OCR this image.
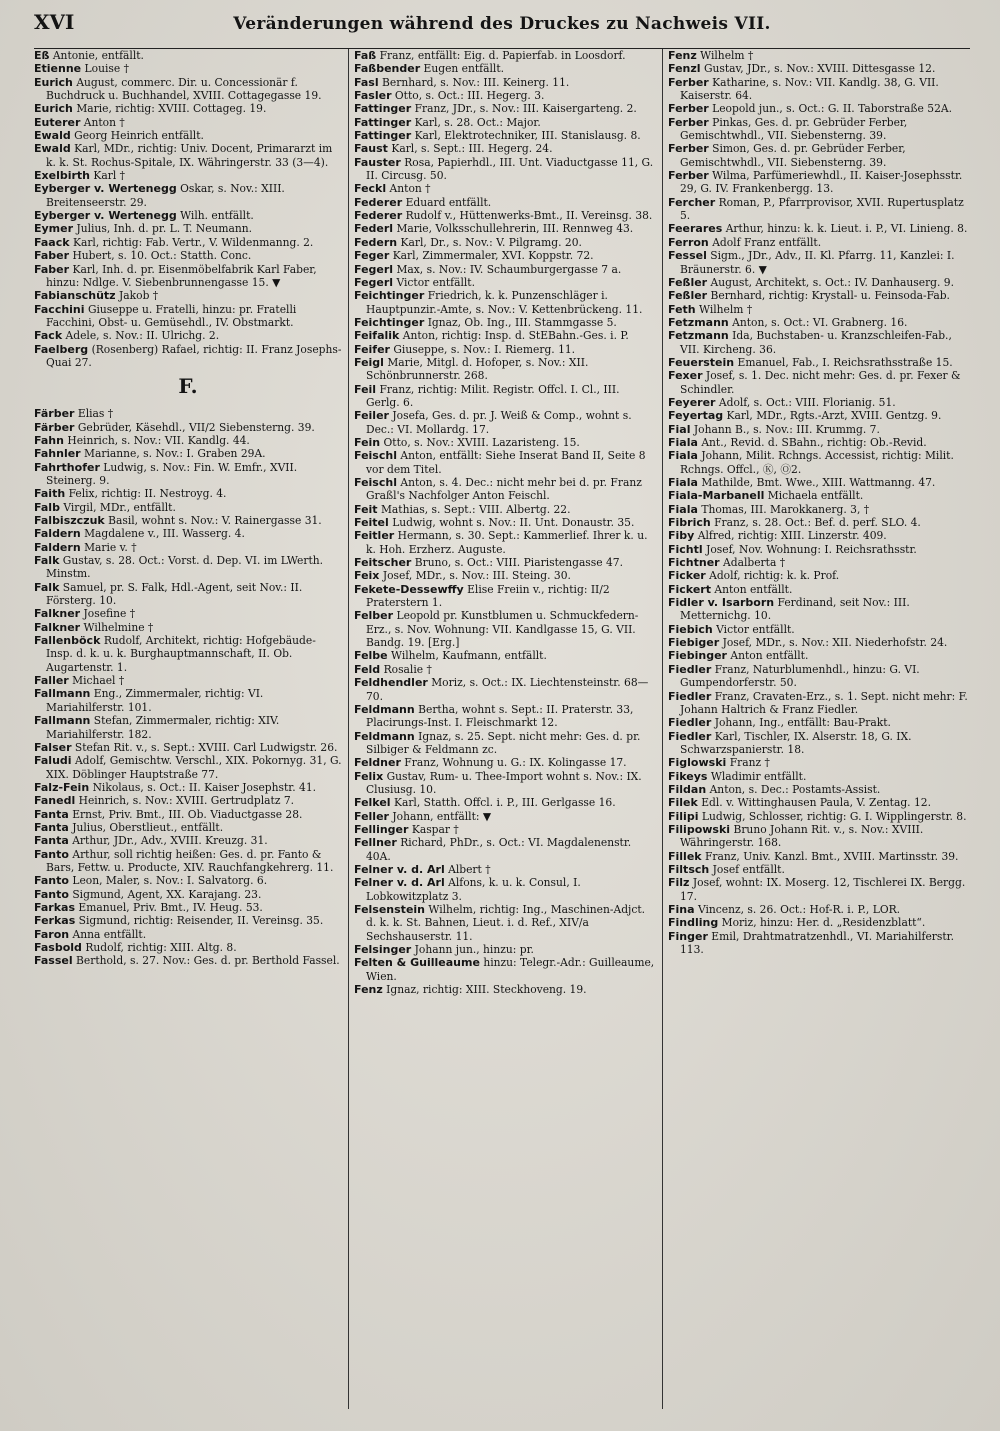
XVI	Veränderungen während des Druckes zu Nachweis VII.
Eß Antonie, entfällt.
Etienne Louise †
Eurich August, commerc. Dir. u. Concessionär f. Buchdruck u. Buchhandel, XVIII. Cottagegasse 19.
Eurich Marie, richtig: XVIII. Cottageg. 19.
Euterer Anton †
Ewald Georg Heinrich entfällt.
Ewald Karl, MDr., richtig: Univ. Docent, Primararzt im k. k. St. Rochus-Spitale, IX. Währingerstr. 33 (3—4).
Exelbirth Karl †
Eyberger v. Wertenegg Oskar, s. Nov.: XIII. Breitenseerstr. 29.
Eyberger v. Wertenegg Wilh. entfällt.
Eymer Julius, Inh. d. pr. L. T. Neumann.
Faack Karl, richtig: Fab. Vertr., V. Wildenmanng. 2.
Faber Hubert, s. 10. Oct.: Statth. Conc.
Faber Karl, Inh. d. pr. Eisenmöbelfabrik Karl Faber, hinzu: Ndlge. V. Siebenbrunnengasse 15. ▼
Fabianschütz Jakob †
Facchini Giuseppe u. Fratelli, hinzu: pr. Fratelli Facchini, Obst- u. Gemüsehdl., IV. Obstmarkt.
Fack Adele, s. Nov.: II. Ulrichg. 2.
Faelberg (Rosenberg) Rafael, richtig: II. Franz Josephs-Quai 27.
F.
Färber Elias †
Färber Gebrüder, Käsehdl., VII/2 Siebensterng. 39.
Fahn Heinrich, s. Nov.: VII. Kandlg. 44.
Fahnler Marianne, s. Nov.: I. Graben 29A.
Fahrthofer Ludwig, s. Nov.: Fin. W. Emfr., XVII. Steinerg. 9.
Faith Felix, richtig: II. Nestroyg. 4.
Falb Virgil, MDr., entfällt.
Falbiszczuk Basil, wohnt s. Nov.: V. Rainergasse 31.
Faldern Magdalene v., III. Wasserg. 4.
Faldern Marie v. †
Falk Gustav, s. 28. Oct.: Vorst. d. Dep. VI. im LWerth. Minstm.
Falk Samuel, pr. S. Falk, Hdl.-Agent, seit Nov.: II. Försterg. 10.
Falkner Josefine †
Falkner Wilhelmine †
Fallenböck Rudolf, Architekt, richtig: Hofgebäude-Insp. d. k. u. k. Burghauptmannschaft, II. Ob. Augartenstr. 1.
Faller Michael †
Fallmann Eng., Zimmermaler, richtig: VI. Mariahilferstr. 101.
Fallmann Stefan, Zimmermaler, richtig: XIV. Mariahilferstr. 182.
Falser Stefan Rit. v., s. Sept.: XVIII. Carl Ludwigstr. 26.
Faludi Adolf, Gemischtw. Verschl., XIX. Pokornyg. 31, G. XIX. Döblinger Hauptstraße 77.
Falz-Fein Nikolaus, s. Oct.: II. Kaiser Josephstr. 41.
Fanedl Heinrich, s. Nov.: XVIII. Gertrudplatz 7.
Fanta Ernst, Priv. Bmt., III. Ob. Viaductgasse 28.
Fanta Julius, Oberstlieut., entfällt.
Fanta Arthur, JDr., Adv., XVIII. Kreuzg. 31.
Fanto Arthur, soll richtig heißen: Ges. d. pr. Fanto & Bars, Fettw. u. Producte, XIV. Rauchfangkehrerg. 11.
Fanto Leon, Maler, s. Nov.: I. Salvatorg. 6.
Fanto Sigmund, Agent, XX. Karajang. 23.
Farkas Emanuel, Priv. Bmt., IV. Heug. 53.
Ferkas Sigmund, richtig: Reisender, II. Vereinsg. 35.
Faron Anna entfällt.
Fasbold Rudolf, richtig: XIII. Altg. 8.
Fassel Berthold, s. 27. Nov.: Ges. d. pr. Berthold Fassel.
Faß Franz, entfällt: Eig. d. Papierfab. in Loosdorf.
Faßbender Eugen entfällt.
Fasl Bernhard, s. Nov.: III. Keinerg. 11.
Fasler Otto, s. Oct.: III. Hegerg. 3.
Fattinger Franz, JDr., s. Nov.: III. Kaisergarteng. 2.
Fattinger Karl, s. 28. Oct.: Major.
Fattinger Karl, Elektrotechniker, III. Stanislausg. 8.
Faust Karl, s. Sept.: III. Hegerg. 24.
Fauster Rosa, Papierhdl., III. Unt. Viaductgasse 11, G. II. Circusg. 50.
Feckl Anton †
Federer Eduard entfällt.
Federer Rudolf v., Hüttenwerks-Bmt., II. Vereinsg. 38.
Federl Marie, Volksschullehrerin, III. Rennweg 43.
Federn Karl, Dr., s. Nov.: V. Pilgramg. 20.
Feger Karl, Zimmermaler, XVI. Koppstr. 72.
Fegerl Max, s. Nov.: IV. Schaumburgergasse 7 a.
Fegerl Victor entfällt.
Feichtinger Friedrich, k. k. Punzenschläger i. Hauptpunzir.-Amte, s. Nov.: V. Kettenbrückeng. 11.
Feichtinger Ignaz, Ob. Ing., III. Stammgasse 5.
Feifalik Anton, richtig: Insp. d. StEBahn.-Ges. i. P.
Feifer Giuseppe, s. Nov.: I. Riemerg. 11.
Feigl Marie, Mitgl. d. Hofoper, s. Nov.: XII. Schönbrunnerstr. 268.
Feil Franz, richtig: Milit. Registr. Offcl. I. Cl., III. Gerlg. 6.
Feiler Josefa, Ges. d. pr. J. Weiß & Comp., wohnt s. Dec.: VI. Mollardg. 17.
Fein Otto, s. Nov.: XVIII. Lazaristeng. 15.
Feischl Anton, entfällt: Siehe Inserat Band II, Seite 8 vor dem Titel.
Feischl Anton, s. 4. Dec.: nicht mehr bei d. pr. Franz Graßl's Nachfolger Anton Feischl.
Feit Mathias, s. Sept.: VIII. Albertg. 22.
Feitel Ludwig, wohnt s. Nov.: II. Unt. Donaustr. 35.
Feitler Hermann, s. 30. Sept.: Kammerlief. Ihrer k. u. k. Hoh. Erzherz. Auguste.
Feitscher Bruno, s. Oct.: VIII. Piaristengasse 47.
Feix Josef, MDr., s. Nov.: III. Steing. 30.
Fekete-Dessewffy Elise Freiin v., richtig: II/2 Praterstern 1.
Felber Leopold pr. Kunstblumen u. Schmuckfedern-Erz., s. Nov. Wohnung: VII. Kandlgasse 15, G. VII. Bandg. 19. [Erg.]
Felbe Wilhelm, Kaufmann, entfällt.
Feld Rosalie †
Feldhendler Moriz, s. Oct.: IX. Liechtensteinstr. 68—70.
Feldmann Bertha, wohnt s. Sept.: II. Praterstr. 33, Placirungs-Inst. I. Fleischmarkt 12.
Feldmann Ignaz, s. 25. Sept. nicht mehr: Ges. d. pr. Silbiger & Feldmann zc.
Feldner Franz, Wohnung u. G.: IX. Kolingasse 17.
Felix Gustav, Rum- u. Thee-Import wohnt s. Nov.: IX. Clusiusg. 10.
Felkel Karl, Statth. Offcl. i. P., III. Gerlgasse 16.
Feller Johann, entfällt: ▼
Fellinger Kaspar †
Fellner Richard, PhDr., s. Oct.: VI. Magdalenenstr. 40A.
Felner v. d. Arl Albert †
Felner v. d. Arl Alfons, k. u. k. Consul, I. Lobkowitzplatz 3.
Felsenstein Wilhelm, richtig: Ing., Maschinen-Adjct. d. k. k. St. Bahnen, Lieut. i. d. Ref., XIV/a Sechshauserstr. 11.
Felsinger Johann jun., hinzu: pr.
Felten & Guilleaume hinzu: Telegr.-Adr.: Guilleaume, Wien.
Fenz Ignaz, richtig: XIII. Steckhoveng. 19.
Fenz Wilhelm †
Fenzl Gustav, JDr., s. Nov.: XVIII. Dittesgasse 12.
Ferber Katharine, s. Nov.: VII. Kandlg. 38, G. VII. Kaiserstr. 64.
Ferber Leopold jun., s. Oct.: G. II. Taborstraße 52A.
Ferber Pinkas, Ges. d. pr. Gebrüder Ferber, Gemischtwhdl., VII. Siebensterng. 39.
Ferber Simon, Ges. d. pr. Gebrüder Ferber, Gemischtwhdl., VII. Siebensterng. 39.
Ferber Wilma, Parfümeriewhdl., II. Kaiser-Josephsstr. 29, G. IV. Frankenbergg. 13.
Fercher Roman, P., Pfarrprovisor, XVII. Rupertusplatz 5.
Feerares Arthur, hinzu: k. k. Lieut. i. P., VI. Linieng. 8.
Ferron Adolf Franz entfällt.
Fessel Sigm., JDr., Adv., II. Kl. Pfarrg. 11, Kanzlei: I. Bräunerstr. 6. ▼
Feßler August, Architekt, s. Oct.: IV. Danhauserg. 9.
Feßler Bernhard, richtig: Krystall- u. Feinsoda-Fab.
Feth Wilhelm †
Fetzmann Anton, s. Oct.: VI. Grabnerg. 16.
Fetzmann Ida, Buchstaben- u. Kranzschleifen-Fab., VII. Kircheng. 36.
Feuerstein Emanuel, Fab., I. Reichsrathsstraße 15.
Fexer Josef, s. 1. Dec. nicht mehr: Ges. d. pr. Fexer & Schindler.
Feyerer Adolf, s. Oct.: VIII. Florianig. 51.
Feyertag Karl, MDr., Rgts.-Arzt, XVIII. Gentzg. 9.
Fial Johann B., s. Nov.: III. Krummg. 7.
Fiala Ant., Revid. d. SBahn., richtig: Ob.-Revid.
Fiala Johann, Milit. Rchngs. Accessist, richtig: Milit. Rchngs. Offcl., Ⓚ, Ⓞ2.
Fiala Mathilde, Bmt. Wwe., XIII. Wattmanng. 47.
Fiala-Marbanell Michaela entfällt.
Fiala Thomas, III. Marokkanerg. 3, †
Fibrich Franz, s. 28. Oct.: Bef. d. perf. SLO. 4.
Fiby Alfred, richtig: XIII. Linzerstr. 409.
Fichtl Josef, Nov. Wohnung: I. Reichsrathsstr.
Fichtner Adalberta †
Ficker Adolf, richtig: k. k. Prof.
Fickert Anton entfällt.
Fidler v. Isarborn Ferdinand, seit Nov.: III. Metternichg. 10.
Fiebich Victor entfällt.
Fiebiger Josef, MDr., s. Nov.: XII. Niederhofstr. 24.
Fiebinger Anton entfällt.
Fiedler Franz, Naturblumenhdl., hinzu: G. VI. Gumpendorferstr. 50.
Fiedler Franz, Cravaten-Erz., s. 1. Sept. nicht mehr: F. Johann Haltrich & Franz Fiedler.
Fiedler Johann, Ing., entfällt: Bau-Prakt.
Fiedler Karl, Tischler, IX. Alserstr. 18, G. IX. Schwarzspanierstr. 18.
Figlowski Franz †
Fikeys Wladimir entfällt.
Fildan Anton, s. Dec.: Postamts-Assist.
Filek Edl. v. Wittinghausen Paula, V. Zentag. 12.
Filipi Ludwig, Schlosser, richtig: G. I. Wipplingerstr. 8.
Filipowski Bruno Johann Rit. v., s. Nov.: XVIII. Währingerstr. 168.
Fillek Franz, Univ. Kanzl. Bmt., XVIII. Martinsstr. 39.
Filtsch Josef entfällt.
Filz Josef, wohnt: IX. Moserg. 12, Tischlerei IX. Bergg. 17.
Fina Vincenz, s. 26. Oct.: Hof-R. i. P., LOR.
Findling Moriz, hinzu: Her. d. „Residenzblatt“.
Finger Emil, Drahtmatratzenhdl., VI. Mariahilferstr. 113.
